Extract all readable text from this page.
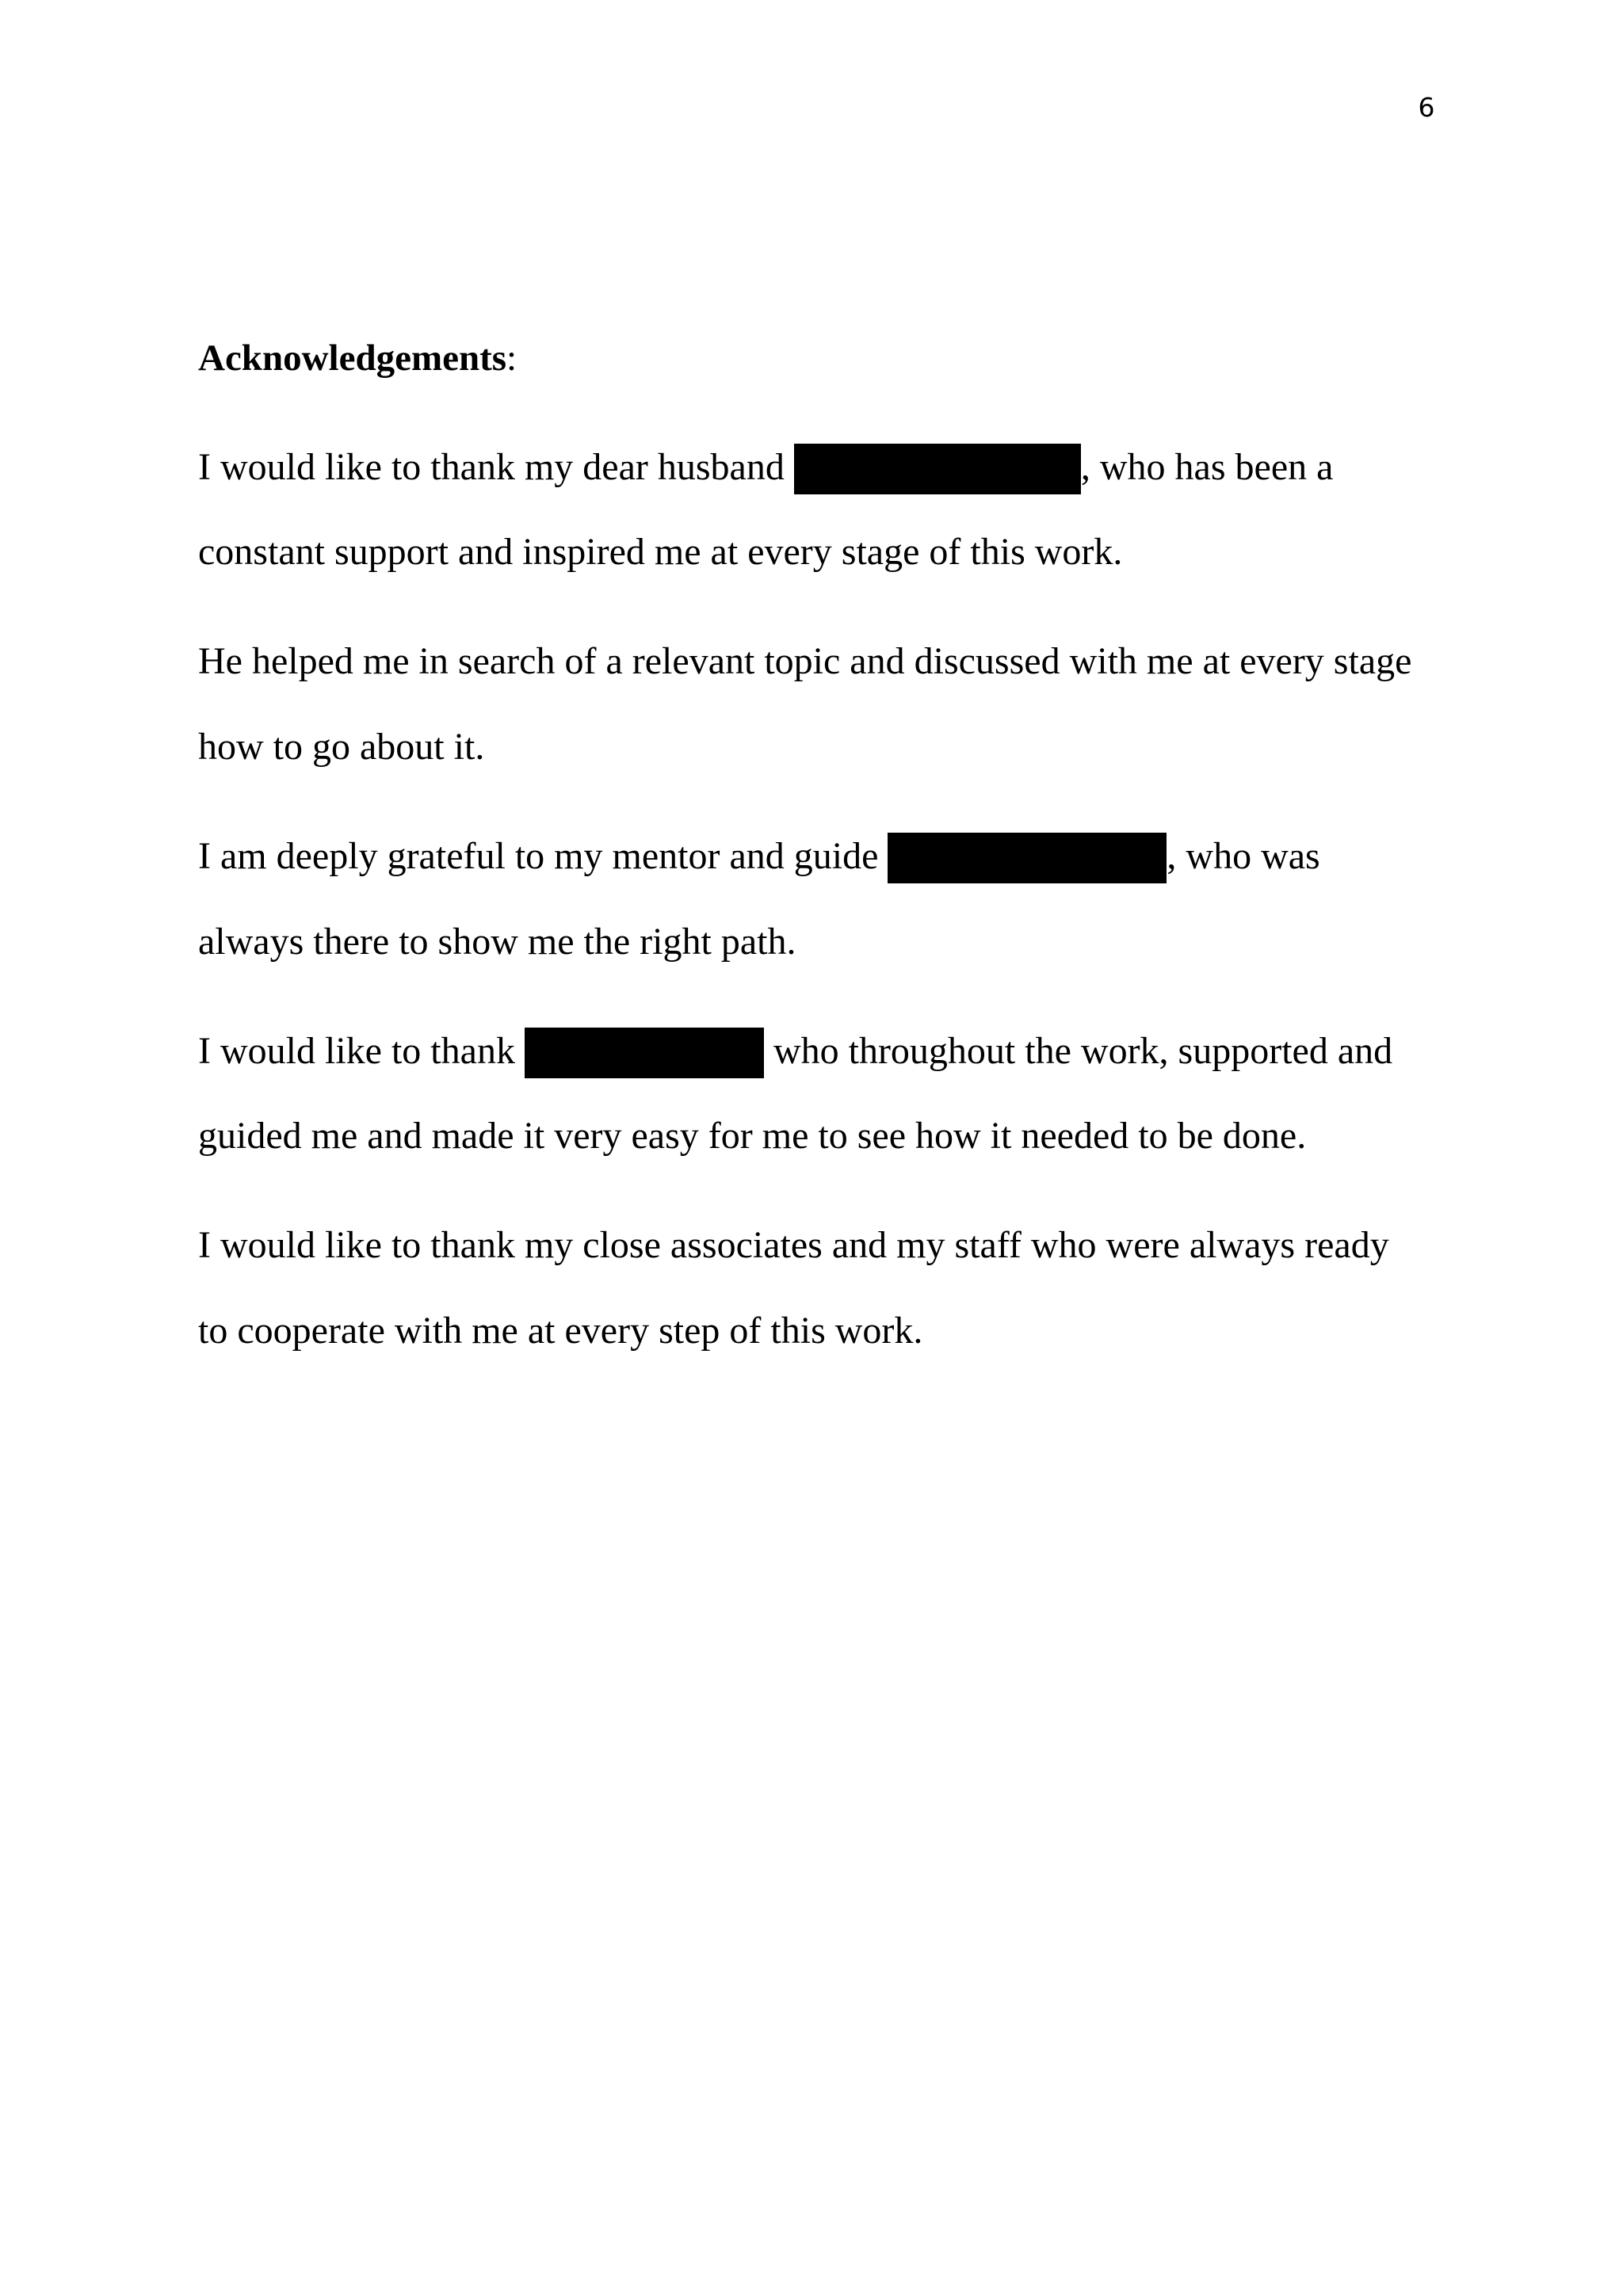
6
Acknowledgements:
I would like to thank my dear husband	, who has been a
constant support and inspired me at every stage of this work.
He helped me in search of a relevant topic and discussed with me at every stage
how to go about it.
I am deeply grateful to my mentor and guide	, who was
always there to show me the right path.
I would like to thank	who throughout the work, supported and
guided me and made it very easy for me to see how it needed to be done.
I would like to thank my close associates and my staff who were always ready
to cooperate with me at every step of this work.
